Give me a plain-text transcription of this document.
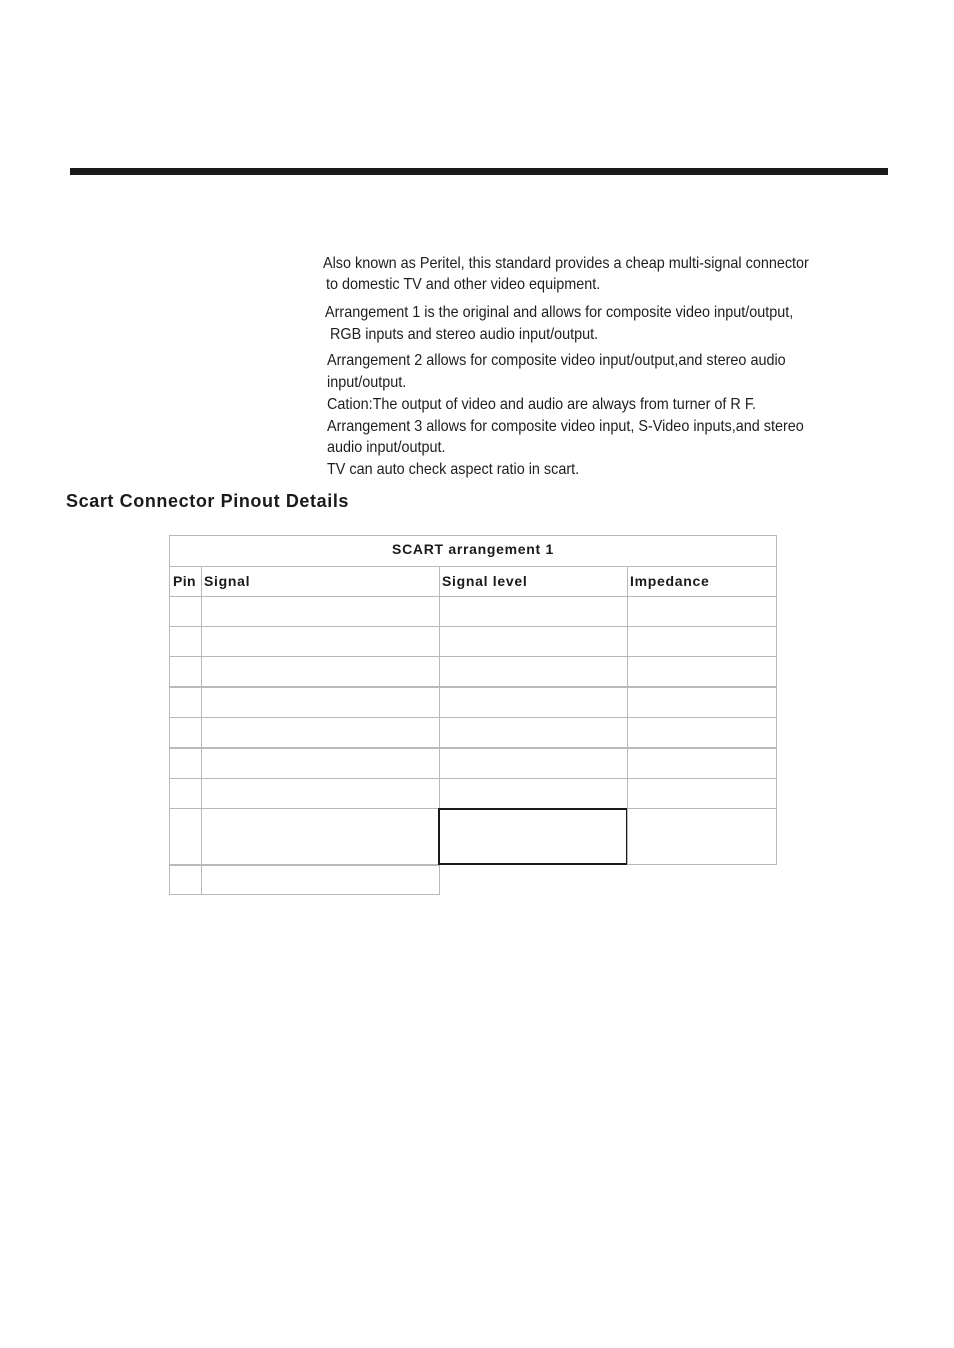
Also known as Peritel, this standard provides a cheap multi-signal connector

to domestic TV and other video equipment.

Arrangement 1 is the original and allows for composite video input/output,

RGB inputs and stereo audio input/output.

Arrangement 2 allows for composite video input/output,and stereo audio

input/output.

Cation:The output of video and audio are always from turner of R F.

Arrangement 3 allows for composite video input, S-Video inputs,and stereo

audio input/output.

TV can auto check aspect ratio in scart.

Scart Connector Pinout Details
SCART arrangement 1
Pin Signal	Signal level	Impedance
